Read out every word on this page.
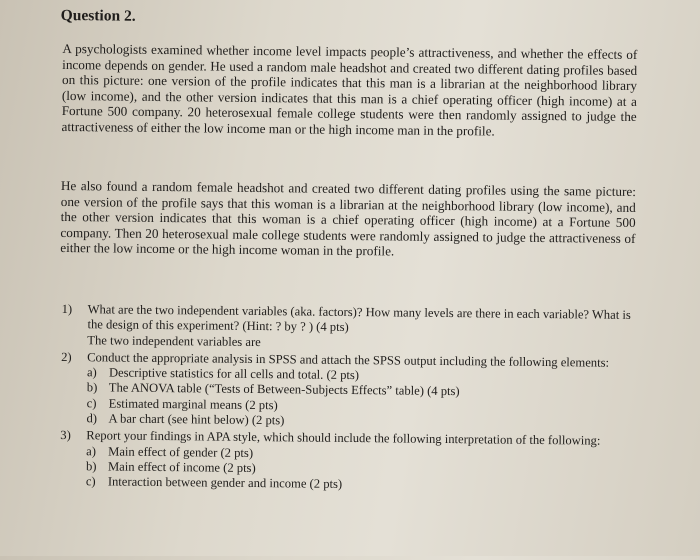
Question 2.

A psychologists examined whether income level impacts people’s attractiveness, and whether the effects of income depends on gender. He used a random male headshot and created two different dating profiles based on this picture: one version of the profile indicates that this man is a librarian at the neighborhood library (low income), and the other version indicates that this man is a chief operating officer (high income) at a Fortune 500 company. 20 heterosexual female college students were then randomly assigned to judge the attractiveness of either the low income man or the high income man in the profile.

He also found a random female headshot and created two different dating profiles using the same picture: one version of the profile says that this woman is a librarian at the neighborhood library (low income), and the other version indicates that this woman is a chief operating officer (high income) at a Fortune 500 company. Then 20 heterosexual male college students were randomly assigned to judge the attractiveness of either the low income or the high income woman in the profile.

1) What are the two independent variables (aka. factors)? How many levels are there in each variable? What is the design of this experiment? (Hint: ? by ? ) (4 pts)
The two independent variables are
2) Conduct the appropriate analysis in SPSS and attach the SPSS output including the following elements:
a) Descriptive statistics for all cells and total. (2 pts)
b) The ANOVA table (“Tests of Between-Subjects Effects” table) (4 pts)
c) Estimated marginal means (2 pts)
d) A bar chart (see hint below) (2 pts)
3) Report your findings in APA style, which should include the following interpretation of the following:
a) Main effect of gender (2 pts)
b) Main effect of income (2 pts)
c) Interaction between gender and income (2 pts)
